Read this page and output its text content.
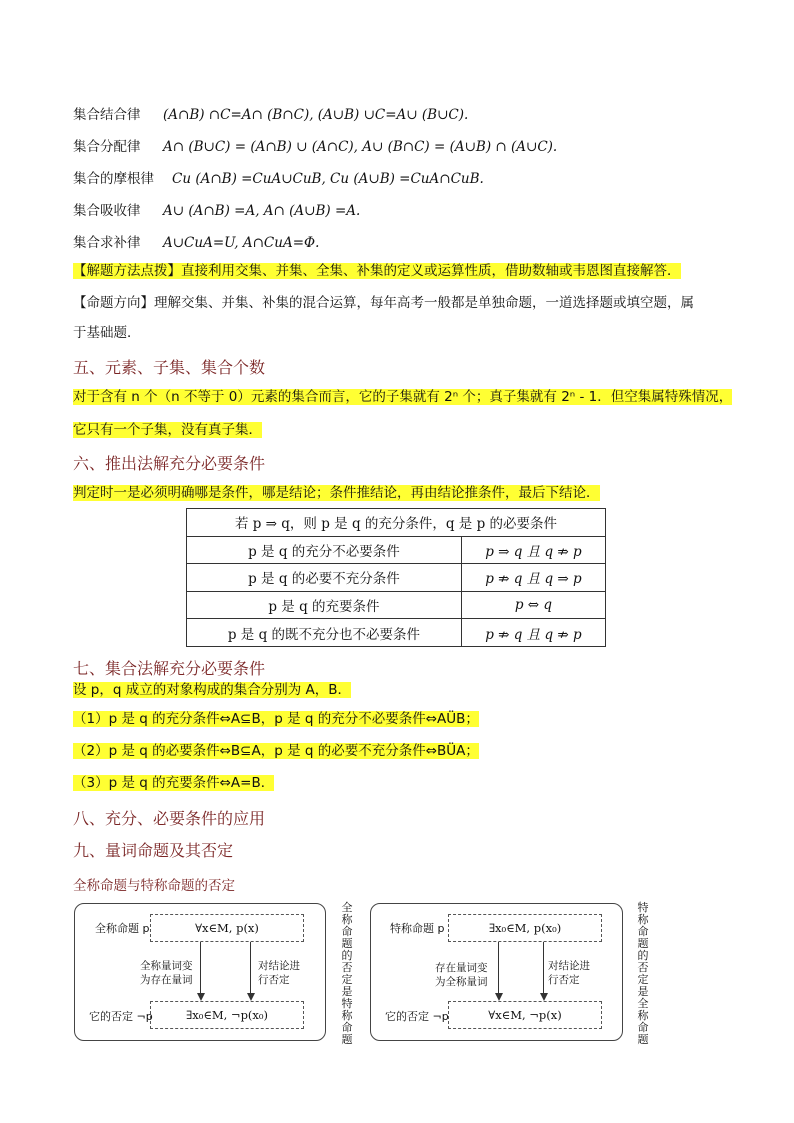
集合结合律 (A∩B) ∩C=A∩ (B∩C), (A∪B) ∪C=A∪ (B∪C).
集合分配律 A∩ (B∪C) = (A∩B) ∪ (A∩C), A∪ (B∩C) = (A∪B) ∩ (A∪C).
集合的摩根律 Cu (A∩B) =CuA∪CuB, Cu (A∪B) =CuA∩CuB.
集合吸收律 A∪ (A∩B) =A, A∩ (A∪B) =A.
集合求补律 A∪CuA=U, A∩CuA=Φ.
【解题方法点拨】直接利用交集、并集、全集、补集的定义或运算性质，借助数轴或韦恩图直接解答．
【命题方向】理解交集、并集、补集的混合运算，每年高考一般都是单独命题，一道选择题或填空题，属
于基础题．
五、元素、子集、集合个数
对于含有 n 个（n 不等于 0）元素的集合而言，它的子集就有 2ⁿ 个；真子集就有 2ⁿ - 1．但空集属特殊情况，
它只有一个子集，没有真子集．
六、推出法解充分必要条件
判定时一是必须明确哪是条件，哪是结论；条件推结论，再由结论推条件，最后下结论．
若 p ⇒ q，则 p 是 q 的充分条件，q 是 p 的必要条件	
p 是 q 的充分不必要条件	p ⇒ q 且 q ⇏ p
p 是 q 的必要不充分条件	p ⇏ q 且 q ⇒ p
p 是 q 的充要条件	p ⇔ q
p 是 q 的既不充分也不必要条件	p ⇏ q 且 q ⇏ p
七、集合法解充分必要条件
设 p，q 成立的对象构成的集合分别为 A，B．
（1）p 是 q 的充分条件⇔A⊆B，p 是 q 的充分不必要条件⇔AÜB；
（2）p 是 q 的必要条件⇔B⊆A，p 是 q 的必要不充分条件⇔BÜA；
（3）p 是 q 的充要条件⇔A=B．
八、充分、必要条件的应用
九、量词命题及其否定
全称命题与特称命题的否定
全称命题 p	∀x∈M, p(x)
全称量词变
为存在量词
对结论进
行否定
它的否定 ¬p	∃x₀∈M, ¬p(x₀)
全称命题的否定是特称命题
特称命题 p	∃x₀∈M, p(x₀)
存在量词变
为全称量词
对结论进
行否定
它的否定 ¬p	∀x∈M, ¬p(x)
特称命题的否定是全称命题
